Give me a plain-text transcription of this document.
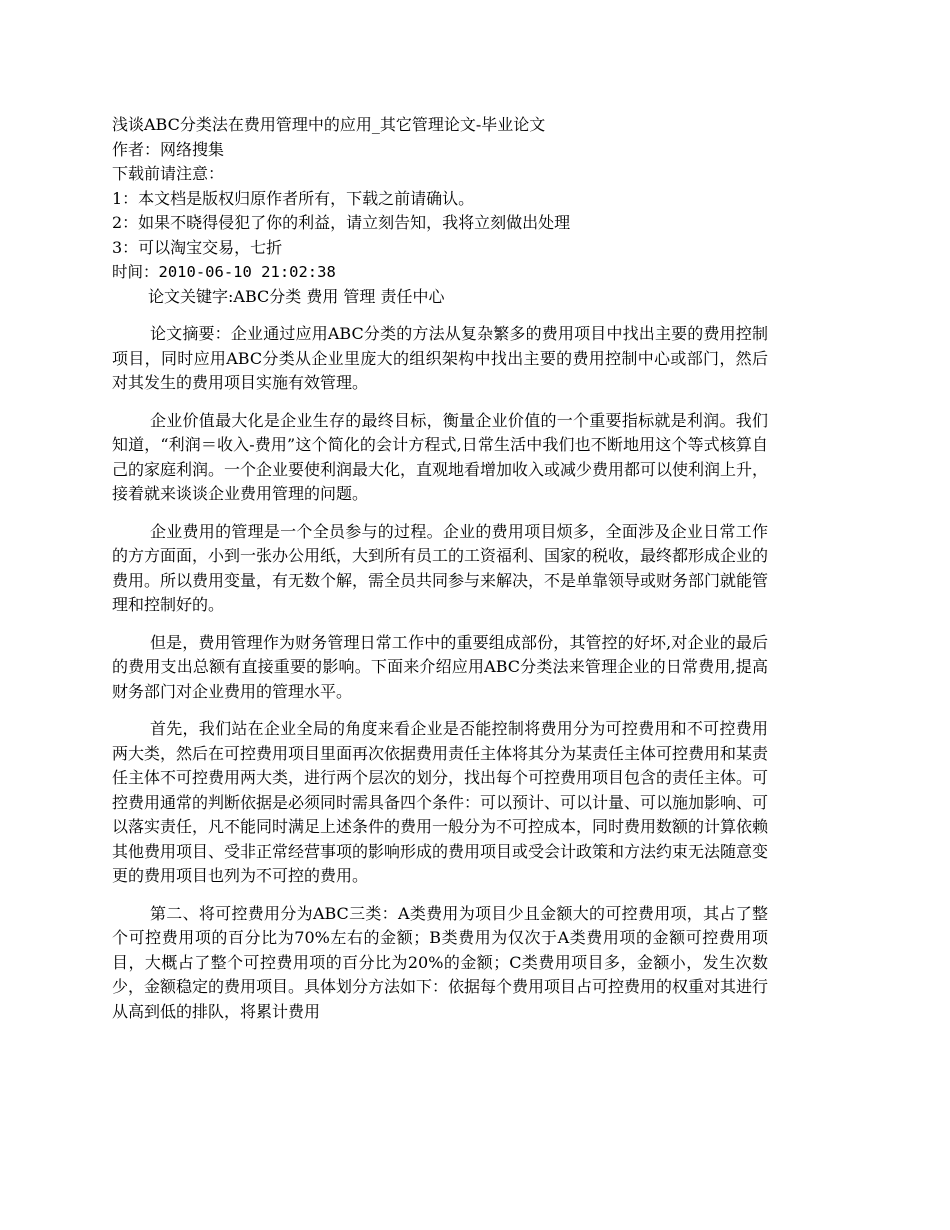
浅谈ABC分类法在费用管理中的应用_其它管理论文-毕业论文

作者：网络搜集

下载前请注意：

1：本文档是版权归原作者所有，下载之前请确认。

2：如果不晓得侵犯了你的利益，请立刻告知，我将立刻做出处理

3：可以淘宝交易，七折

时间：2010-06-10 21:02:38

论文关键字:ABC分类 费用 管理 责任中心

论文摘要：企业通过应用ABC分类的方法从复杂繁多的费用项目中找出主要的费用控制项目，同时应用ABC分类从企业里庞大的组织架构中找出主要的费用控制中心或部门，然后对其发生的费用项目实施有效管理。

企业价值最大化是企业生存的最终目标，衡量企业价值的一个重要指标就是利润。我们知道，“利润＝收入-费用”这个简化的会计方程式,日常生活中我们也不断地用这个等式核算自己的家庭利润。一个企业要使利润最大化，直观地看增加收入或减少费用都可以使利润上升，接着就来谈谈企业费用管理的问题。

企业费用的管理是一个全员参与的过程。企业的费用项目烦多，全面涉及企业日常工作的方方面面，小到一张办公用纸，大到所有员工的工资福利、国家的税收，最终都形成企业的费用。所以费用变量，有无数个解，需全员共同参与来解决，不是单靠领导或财务部门就能管理和控制好的。

但是，费用管理作为财务管理日常工作中的重要组成部份，其管控的好坏,对企业的最后的费用支出总额有直接重要的影响。下面来介绍应用ABC分类法来管理企业的日常费用,提高财务部门对企业费用的管理水平。

首先，我们站在企业全局的角度来看企业是否能控制将费用分为可控费用和不可控费用两大类，然后在可控费用项目里面再次依据费用责任主体将其分为某责任主体可控费用和某责任主体不可控费用两大类，进行两个层次的划分，找出每个可控费用项目包含的责任主体。可控费用通常的判断依据是必须同时需具备四个条件：可以预计、可以计量、可以施加影响、可以落实责任，凡不能同时满足上述条件的费用一般分为不可控成本，同时费用数额的计算依赖其他费用项目、受非正常经营事项的影响形成的费用项目或受会计政策和方法约束无法随意变更的费用项目也列为不可控的费用。

第二、将可控费用分为ABC三类：A类费用为项目少且金额大的可控费用项，其占了整个可控费用项的百分比为70%左右的金额；B类费用为仅次于A类费用项的金额可控费用项目，大概占了整个可控费用项的百分比为20%的金额；C类费用项目多，金额小，发生次数少，金额稳定的费用项目。具体划分方法如下：依据每个费用项目占可控费用的权重对其进行从高到低的排队，将累计费用
